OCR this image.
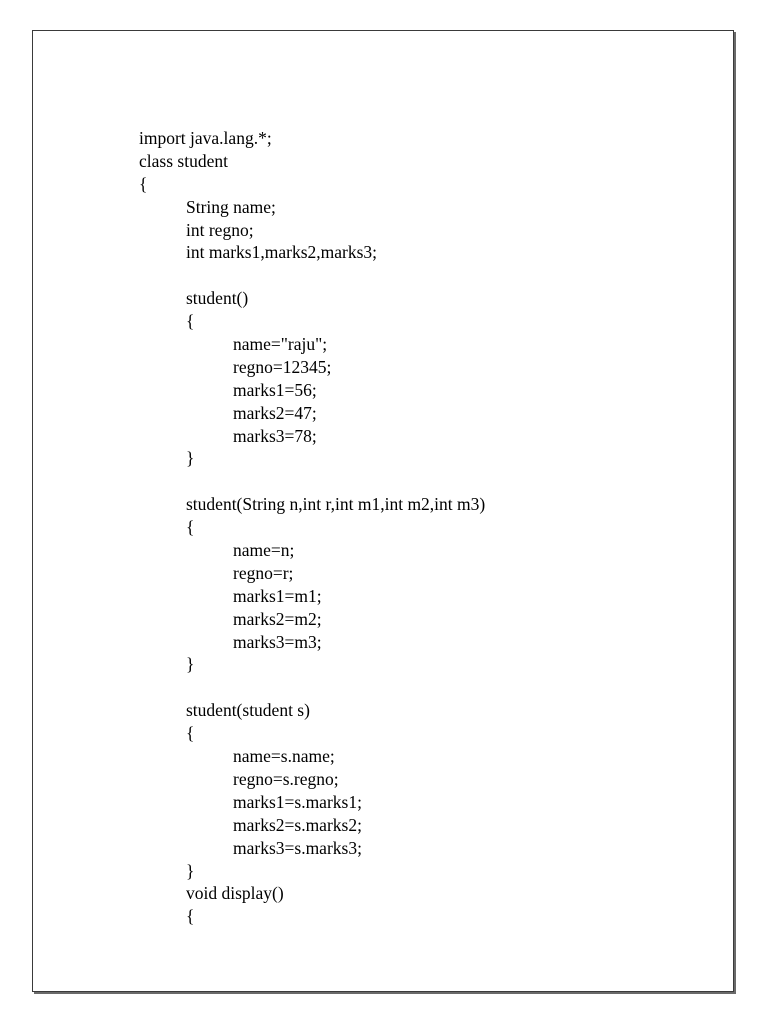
import java.lang.*;
class student
{
String name;
int regno;
int marks1,marks2,marks3;
student()
{
name="raju";
regno=12345;
marks1=56;
marks2=47;
marks3=78;
}
student(String n,int r,int m1,int m2,int m3)
{
name=n;
regno=r;
marks1=m1;
marks2=m2;
marks3=m3;
}
student(student s)
{
name=s.name;
regno=s.regno;
marks1=s.marks1;
marks2=s.marks2;
marks3=s.marks3;
}
void display()
{
